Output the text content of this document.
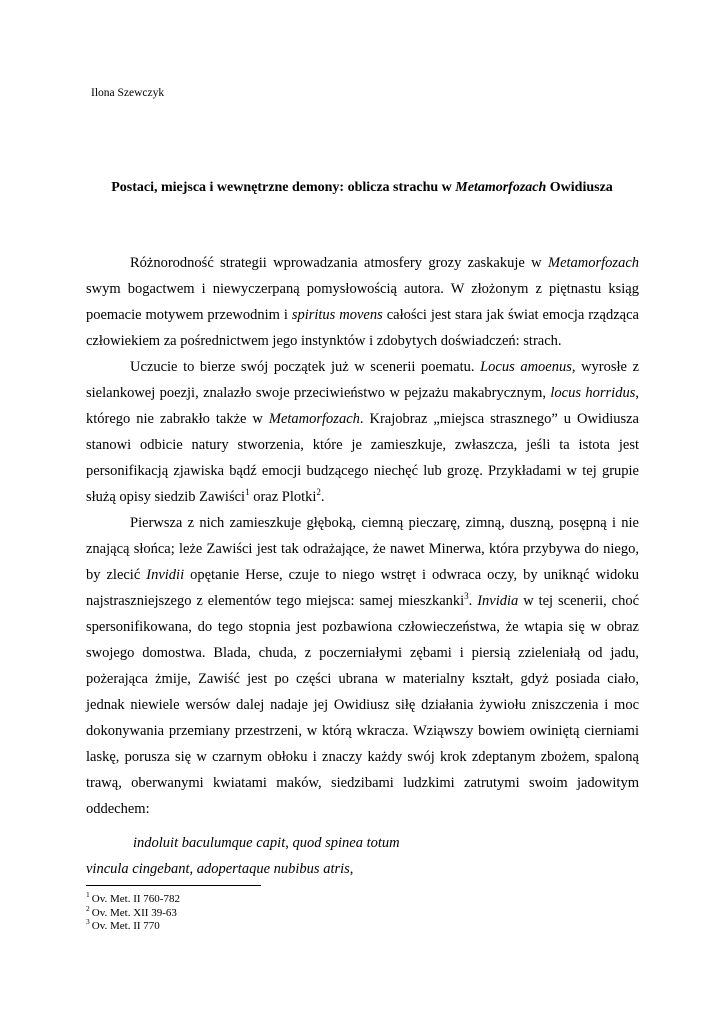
Ilona Szewczyk
Postaci, miejsca i wewnętrzne demony: oblicza strachu w Metamorfozach Owidiusza

Różnorodność strategii wprowadzania atmosfery grozy zaskakuje w Metamorfozach swym bogactwem i niewyczerpaną pomysłowością autora. W złożonym z piętnastu ksiąg poemacie motywem przewodnim i spiritus movens całości jest stara jak świat emocja rządząca człowiekiem za pośrednictwem jego instynktów i zdobytych doświadczeń: strach.

Uczucie to bierze swój początek już w scenerii poematu. Locus amoenus, wyrosłe z sielankowej poezji, znalazło swoje przeciwieństwo w pejzażu makabrycznym, locus horridus, którego nie zabrakło także w Metamorfozach. Krajobraz „miejsca strasznego” u Owidiusza stanowi odbicie natury stworzenia, które je zamieszkuje, zwłaszcza, jeśli ta istota jest personifikacją zjawiska bądź emocji budzącego niechęć lub grozę. Przykładami w tej grupie służą opisy siedzib Zawiści$^1$ oraz Plotki$^2$.

Pierwsza z nich zamieszkuje głęboką, ciemną pieczarę, zimną, duszną, posępną i nie znającą słońca; leże Zawiści jest tak odrażające, że nawet Minerwa, która przybywa do niego, by zlecić Invidii opętanie Herse, czuje to niego wstręt i odwraca oczy, by uniknąć widoku najstraszniejszego z elementów tego miejsca: samej mieszkanki$^3$. Invidia w tej scenerii, choć spersonifikowana, do tego stopnia jest pozbawiona człowieczeństwa, że wtapia się w obraz swojego domostwa. Blada, chuda, z poczerniałymi zębami i piersią zzieleniałą od jadu, pożerająca żmije, Zawiść jest po części ubrana w materialny kształt, gdyż posiada ciało, jednak niewiele wersów dalej nadaje jej Owidiusz siłę działania żywiołu zniszczenia i moc dokonywania przemiany przestrzeni, w którą wkracza. Wziąwszy bowiem owiniętą cierniami laskę, porusza się w czarnym obłoku i znaczy każdy swój krok zdeptanym zbożem, spaloną trawą, oberwanymi kwiatami maków, siedzibami ludzkimi zatrutymi swoim jadowitym oddechem:

indoluit baculumque capit, quod spinea totum
vincula cingebant, adopertaque nubibus atris,
$^1$ Ov. Met. II 760-782
$^2$ Ov. Met. XII 39-63
$^3$ Ov. Met. II 770
